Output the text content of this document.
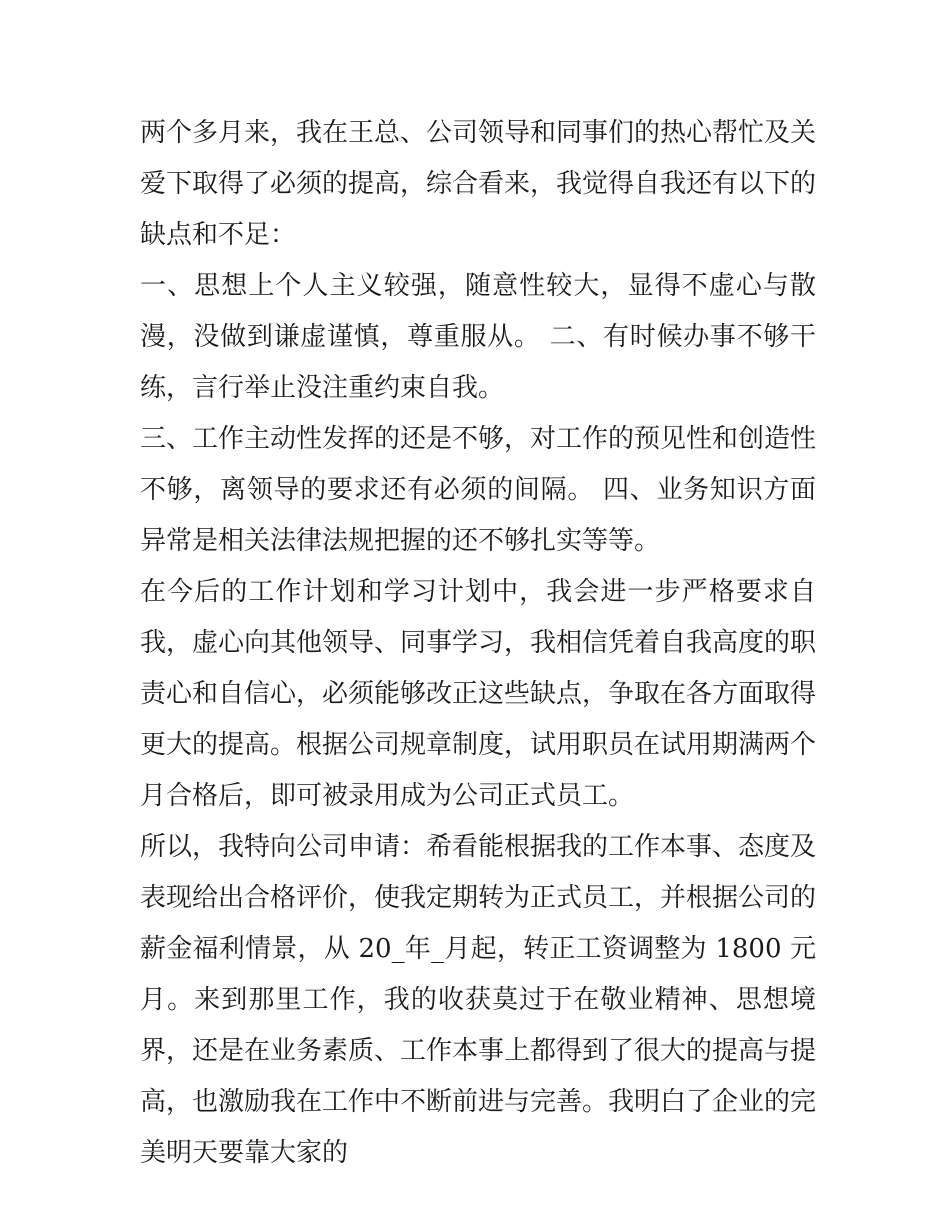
两个多月来，我在王总、公司领导和同事们的热心帮忙及关爱下取得了必须的提高，综合看来，我觉得自我还有以下的缺点和不足：

一、思想上个人主义较强，随意性较大，显得不虚心与散漫，没做到谦虚谨慎，尊重服从。 二、有时候办事不够干练，言行举止没注重约束自我。

三、工作主动性发挥的还是不够，对工作的预见性和创造性不够，离领导的要求还有必须的间隔。 四、业务知识方面异常是相关法律法规把握的还不够扎实等等。

在今后的工作计划和学习计划中，我会进一步严格要求自我，虚心向其他领导、同事学习，我相信凭着自我高度的职责心和自信心，必须能够改正这些缺点，争取在各方面取得更大的提高。根据公司规章制度，试用职员在试用期满两个月合格后，即可被录用成为公司正式员工。

所以，我特向公司申请：希看能根据我的工作本事、态度及表现给出合格评价，使我定期转为正式员工，并根据公司的薪金福利情景，从 20_年_月起，转正工资调整为 1800 元月。来到那里工作，我的收获莫过于在敬业精神、思想境界，还是在业务素质、工作本事上都得到了很大的提高与提高，也激励我在工作中不断前进与完善。我明白了企业的完美明天要靠大家的
